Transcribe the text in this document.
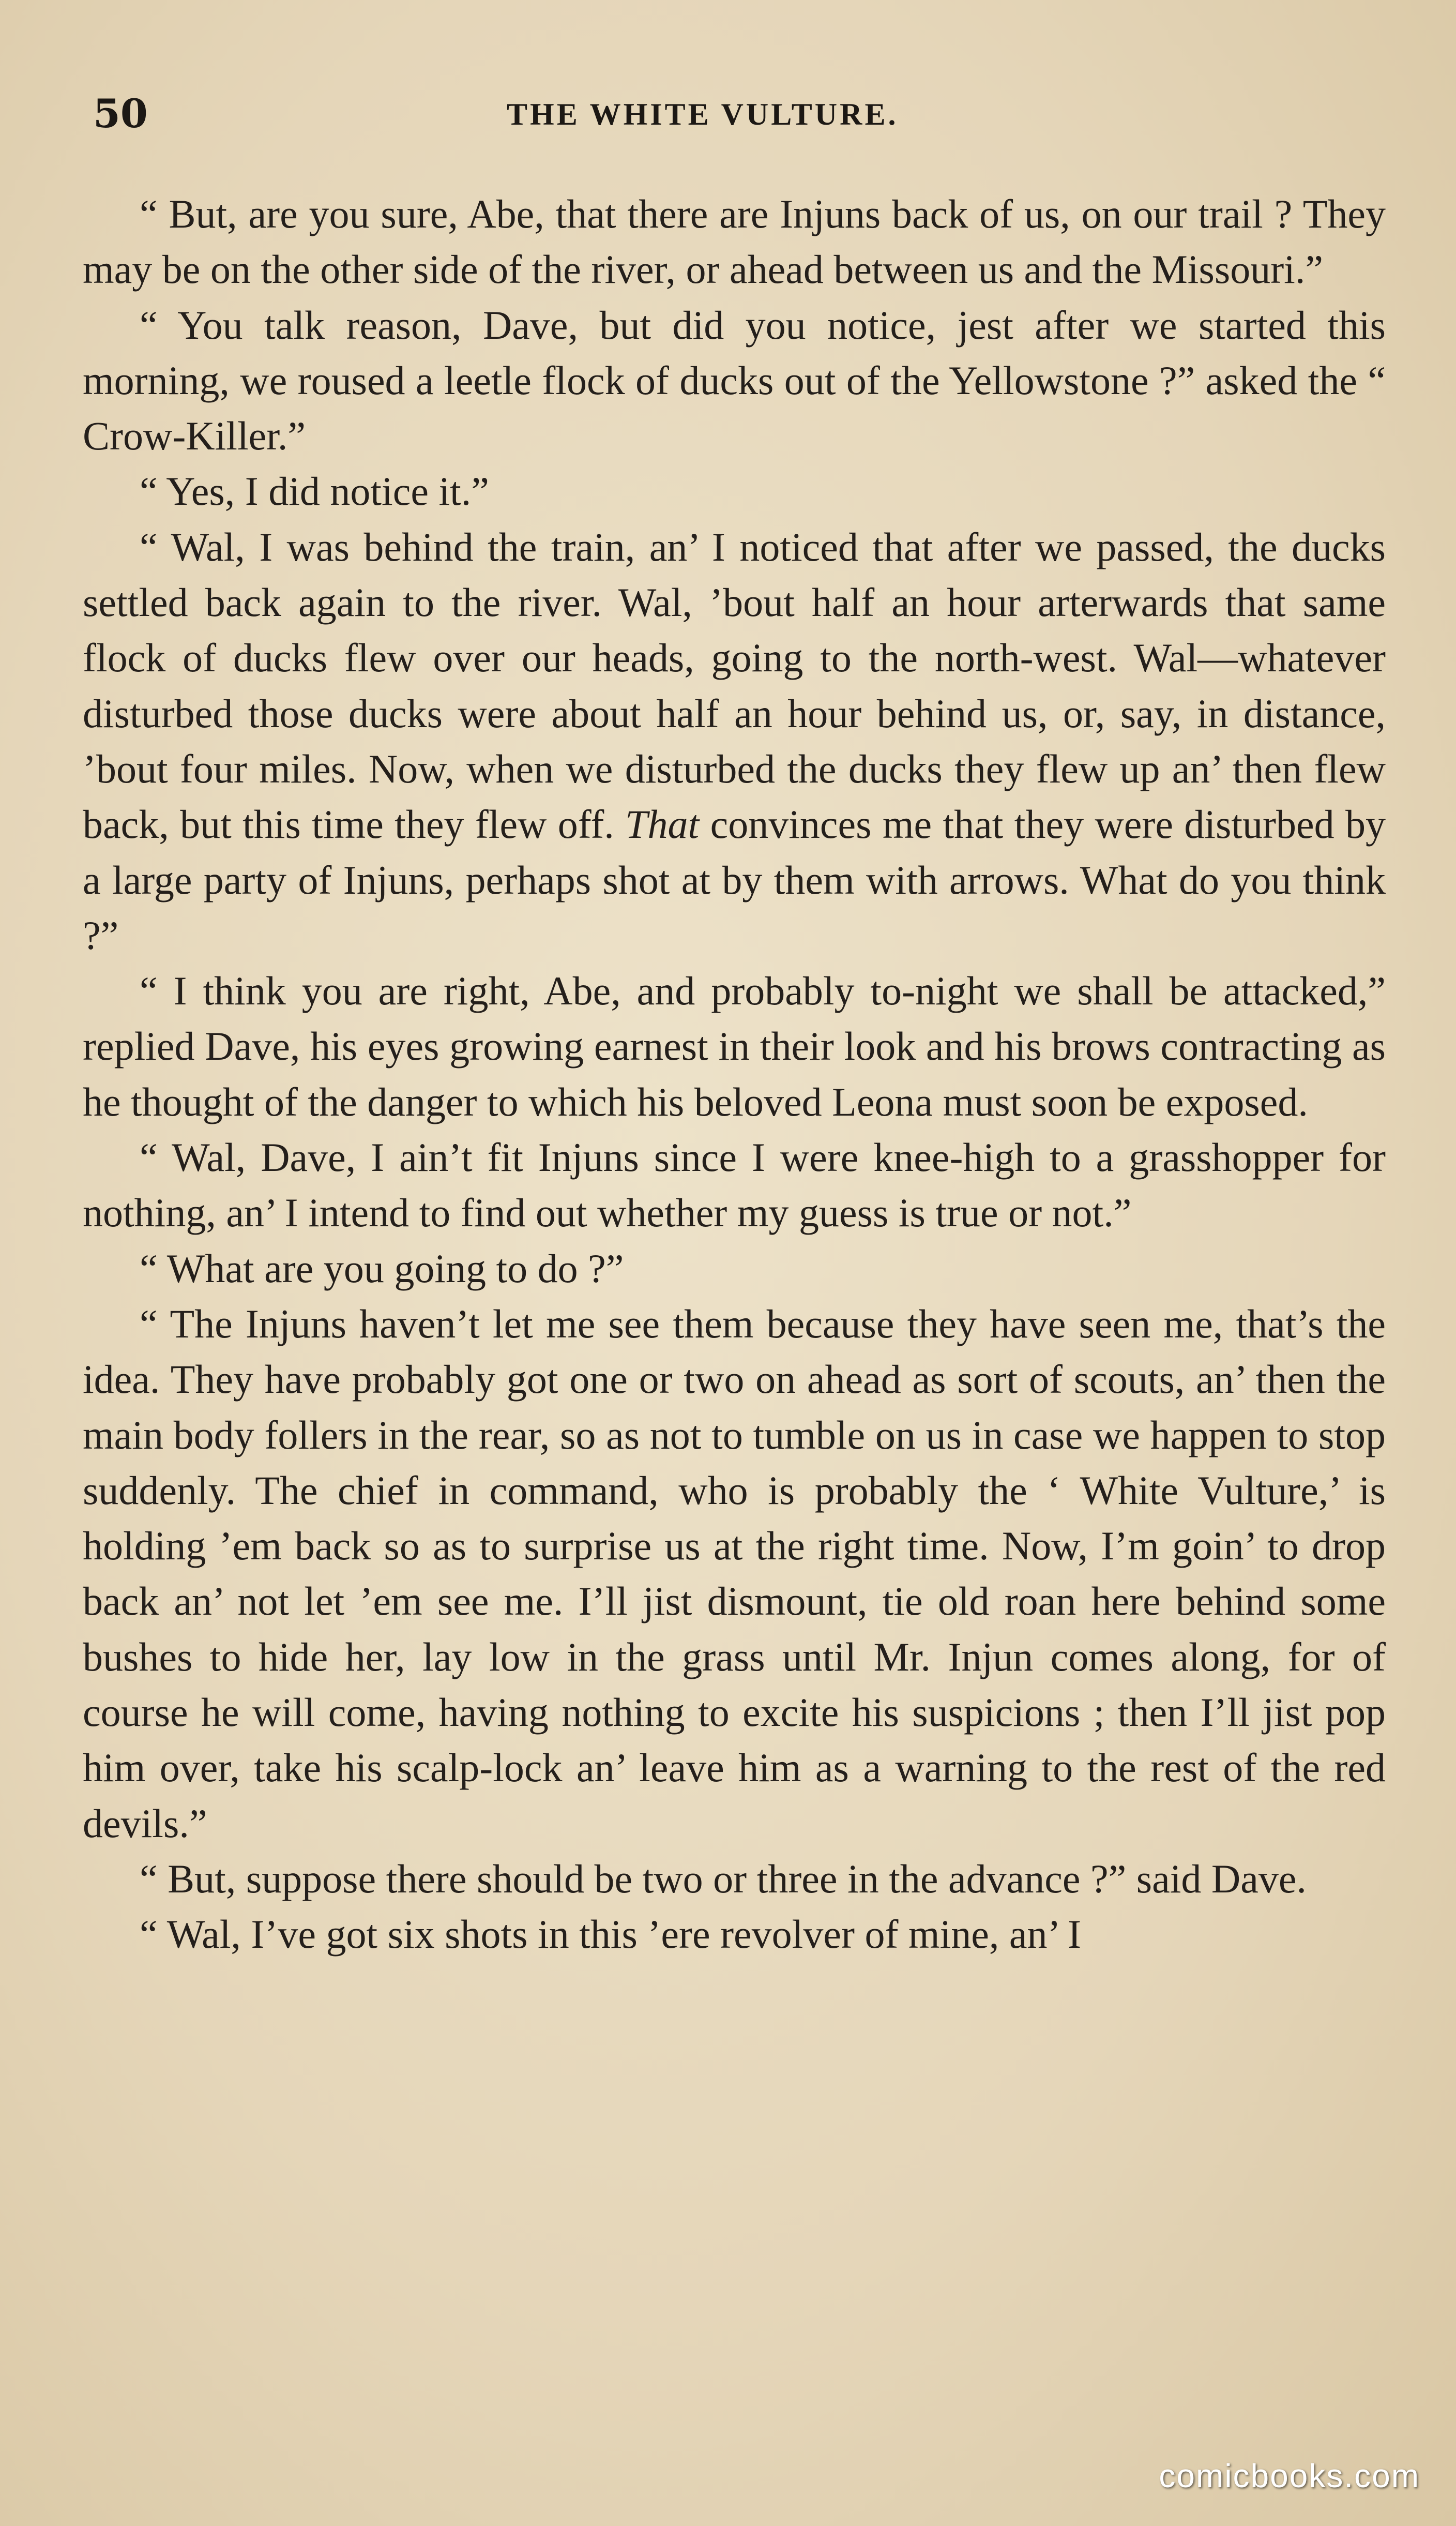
50	THE WHITE VULTURE.

“ But, are you sure, Abe, that there are Injuns back of us, on our trail ? They may be on the other side of the river, or ahead between us and the Missouri.”

“ You talk reason, Dave, but did you notice, jest after we started this morning, we roused a leetle flock of ducks out of the Yellowstone ?” asked the “ Crow-Killer.”

“ Yes, I did notice it.”

“ Wal, I was behind the train, an’ I noticed that after we passed, the ducks settled back again to the river. Wal, ’bout half an hour arterwards that same flock of ducks flew over our heads, going to the north-west. Wal—whatever disturbed those ducks were about half an hour behind us, or, say, in distance, ’bout four miles. Now, when we disturbed the ducks they flew up an’ then flew back, but this time they flew off. That convinces me that they were disturbed by a large party of Injuns, perhaps shot at by them with arrows. What do you think ?”

“ I think you are right, Abe, and probably to-night we shall be attacked,” replied Dave, his eyes growing earnest in their look and his brows contracting as he thought of the danger to which his beloved Leona must soon be exposed.

“ Wal, Dave, I ain’t fit Injuns since I were knee-high to a grasshopper for nothing, an’ I intend to find out whether my guess is true or not.”

“ What are you going to do ?”

“ The Injuns haven’t let me see them because they have seen me, that’s the idea. They have probably got one or two on ahead as sort of scouts, an’ then the main body follers in the rear, so as not to tumble on us in case we happen to stop suddenly. The chief in command, who is probably the ‘ White Vulture,’ is holding ’em back so as to surprise us at the right time. Now, I’m goin’ to drop back an’ not let ’em see me. I’ll jist dismount, tie old roan here behind some bushes to hide her, lay low in the grass until Mr. Injun comes along, for of course he will come, having nothing to excite his suspicions ; then I’ll jist pop him over, take his scalp-lock an’ leave him as a warning to the rest of the red devils.”

“ But, suppose there should be two or three in the advance ?” said Dave.

“ Wal, I’ve got six shots in this ’ere revolver of mine, an’ I

comicbooks.com
